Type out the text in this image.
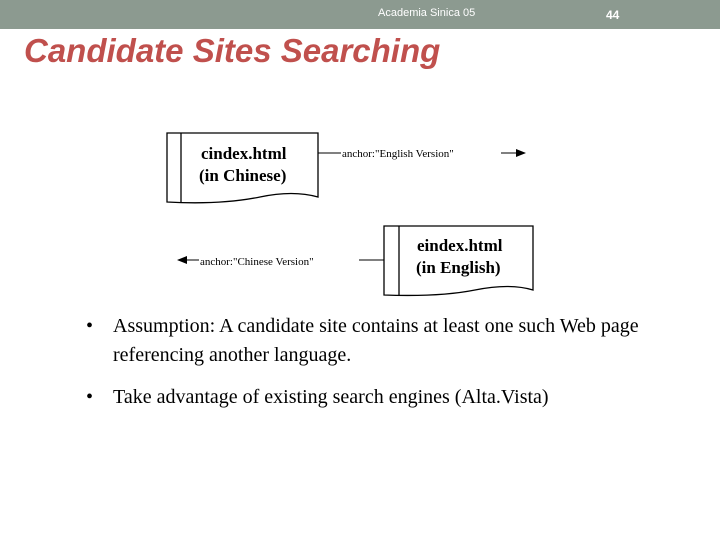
Academia Sinica 05	44
Candidate Sites Searching
cindex.html
(in Chinese)
anchor:"English Version"
eindex.html
(in English)
anchor:"Chinese Version"
• Assumption: A candidate site contains at least one such Web page referencing another language.
• Take advantage of existing search engines (Alta.Vista)
